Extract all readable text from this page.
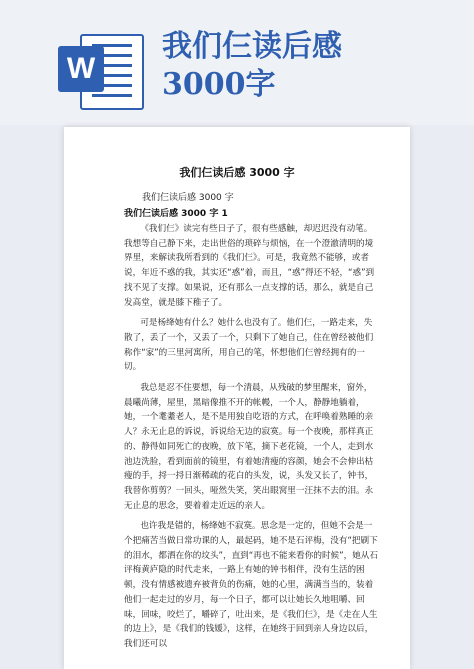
W
我们仨读后感3000字
我们仨读后感 3000 字
我们仨读后感 3000 字
我们仨读后感 3000 字 1

《我们仨》读完有些日子了，很有些感触，却迟迟没有动笔。我想等自己静下来，走出世俗的琐碎与烦恼，在一个澄澈清明的境界里，来解读我所看到的《我们仨》。可是，我竟然不能够，或者说，年近不惑的我，其实还“惑”着，而且，“惑”得还不轻，“惑”到找不见了支撑。如果说，还有那么一点支撑的话，那么，就是自己发高堂，就是膝下稚子了。

可是杨绛她有什么？她什么也没有了。他们仨，一路走来，失散了，丢了一个，又丢了一个，只剩下了她自己，住在曾经被他们称作“家”的三里河寓所，用自己的笔，怀想他们仨曾经拥有的一切。

我总是忍不住要想，每一个清晨，从残破的梦里醒来，窗外，晨曦尚薄，屋里，黑暗像推不开的帐幔，一个人，静静地躺着，她，一个耄耋老人，是不是用独自吃语的方式，在呼唤着熟睡的亲人？永无止息的诉说，诉说给无边的寂寞。每一个夜晚，那样真正的、静得如同死亡的夜晚，放下笔，摘下老花镜，一个人，走到水池边洗脸，看到面前的镜里，有着她清瘦的容颜，她会不会伸出枯瘦的手，捋一捋日渐稀疏的花白的头发，说，头发又长了，钟书，我替你剪剪？一回头，哑然失笑，笑出眼窝里一汪抹不去的泪。永无止息的思念，要着着走近远的亲人。

也许我是错的，杨绛她不寂寞。思念是一定的，但她不会是一个把痛苦当做日常功课的人，最起码，她不是石评梅，没有“把刷下的泪水，都洒在你的坟头”，直到“再也不能来看你的时候”，她从石评梅黄庐隐的时代走来，一路上有她的钟书相伴，没有生活的困顿，没有情感被遗弃被背负的伤痛，她的心里，满满当当的，装着他们一起走过的岁月，每一个日子，都可以让她长久地咀嚼、回味，回味，咬烂了，嚼碎了，吐出来，是《我们仨》，是《走在人生的边上》，是《我们的钱媛》，这样，在她终于回到亲人身边以后，我们还可以
